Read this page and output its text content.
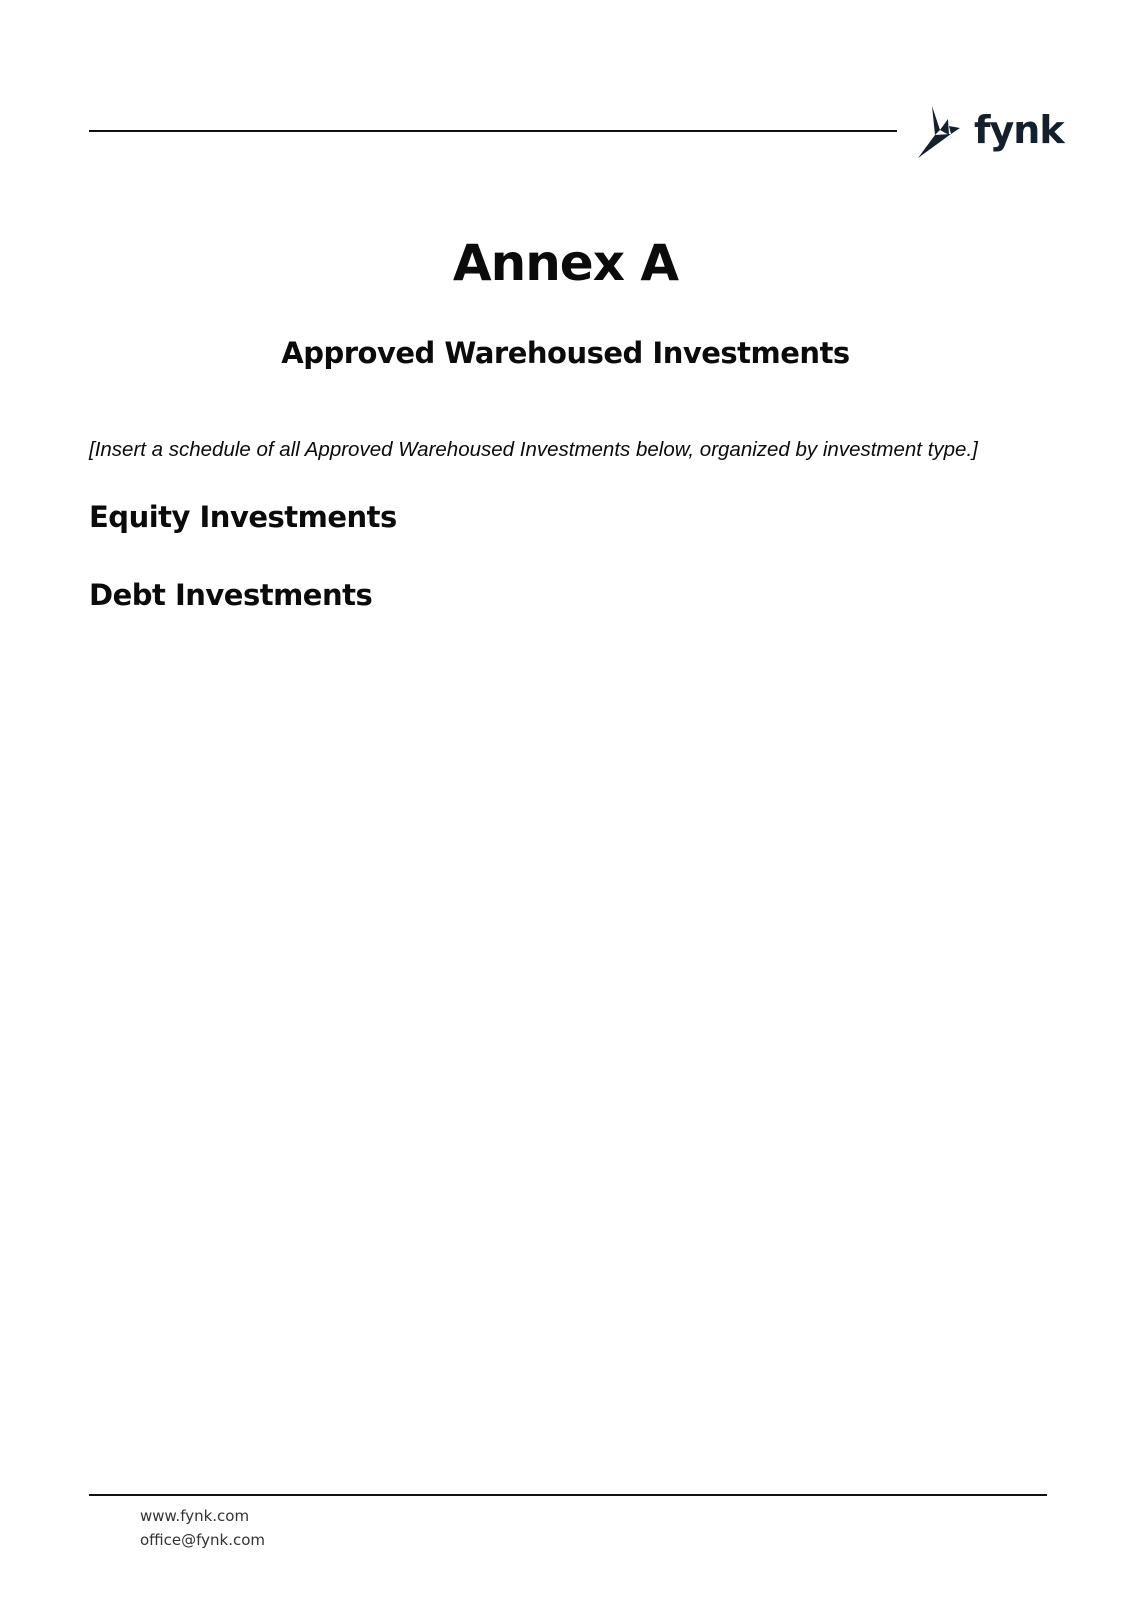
fynk
Annex A
Approved Warehoused Investments

[Insert a schedule of all Approved Warehoused Investments below, organized by investment type.]

Equity Investments
Debt Investments
www.fynk.com
office@fynk.com
